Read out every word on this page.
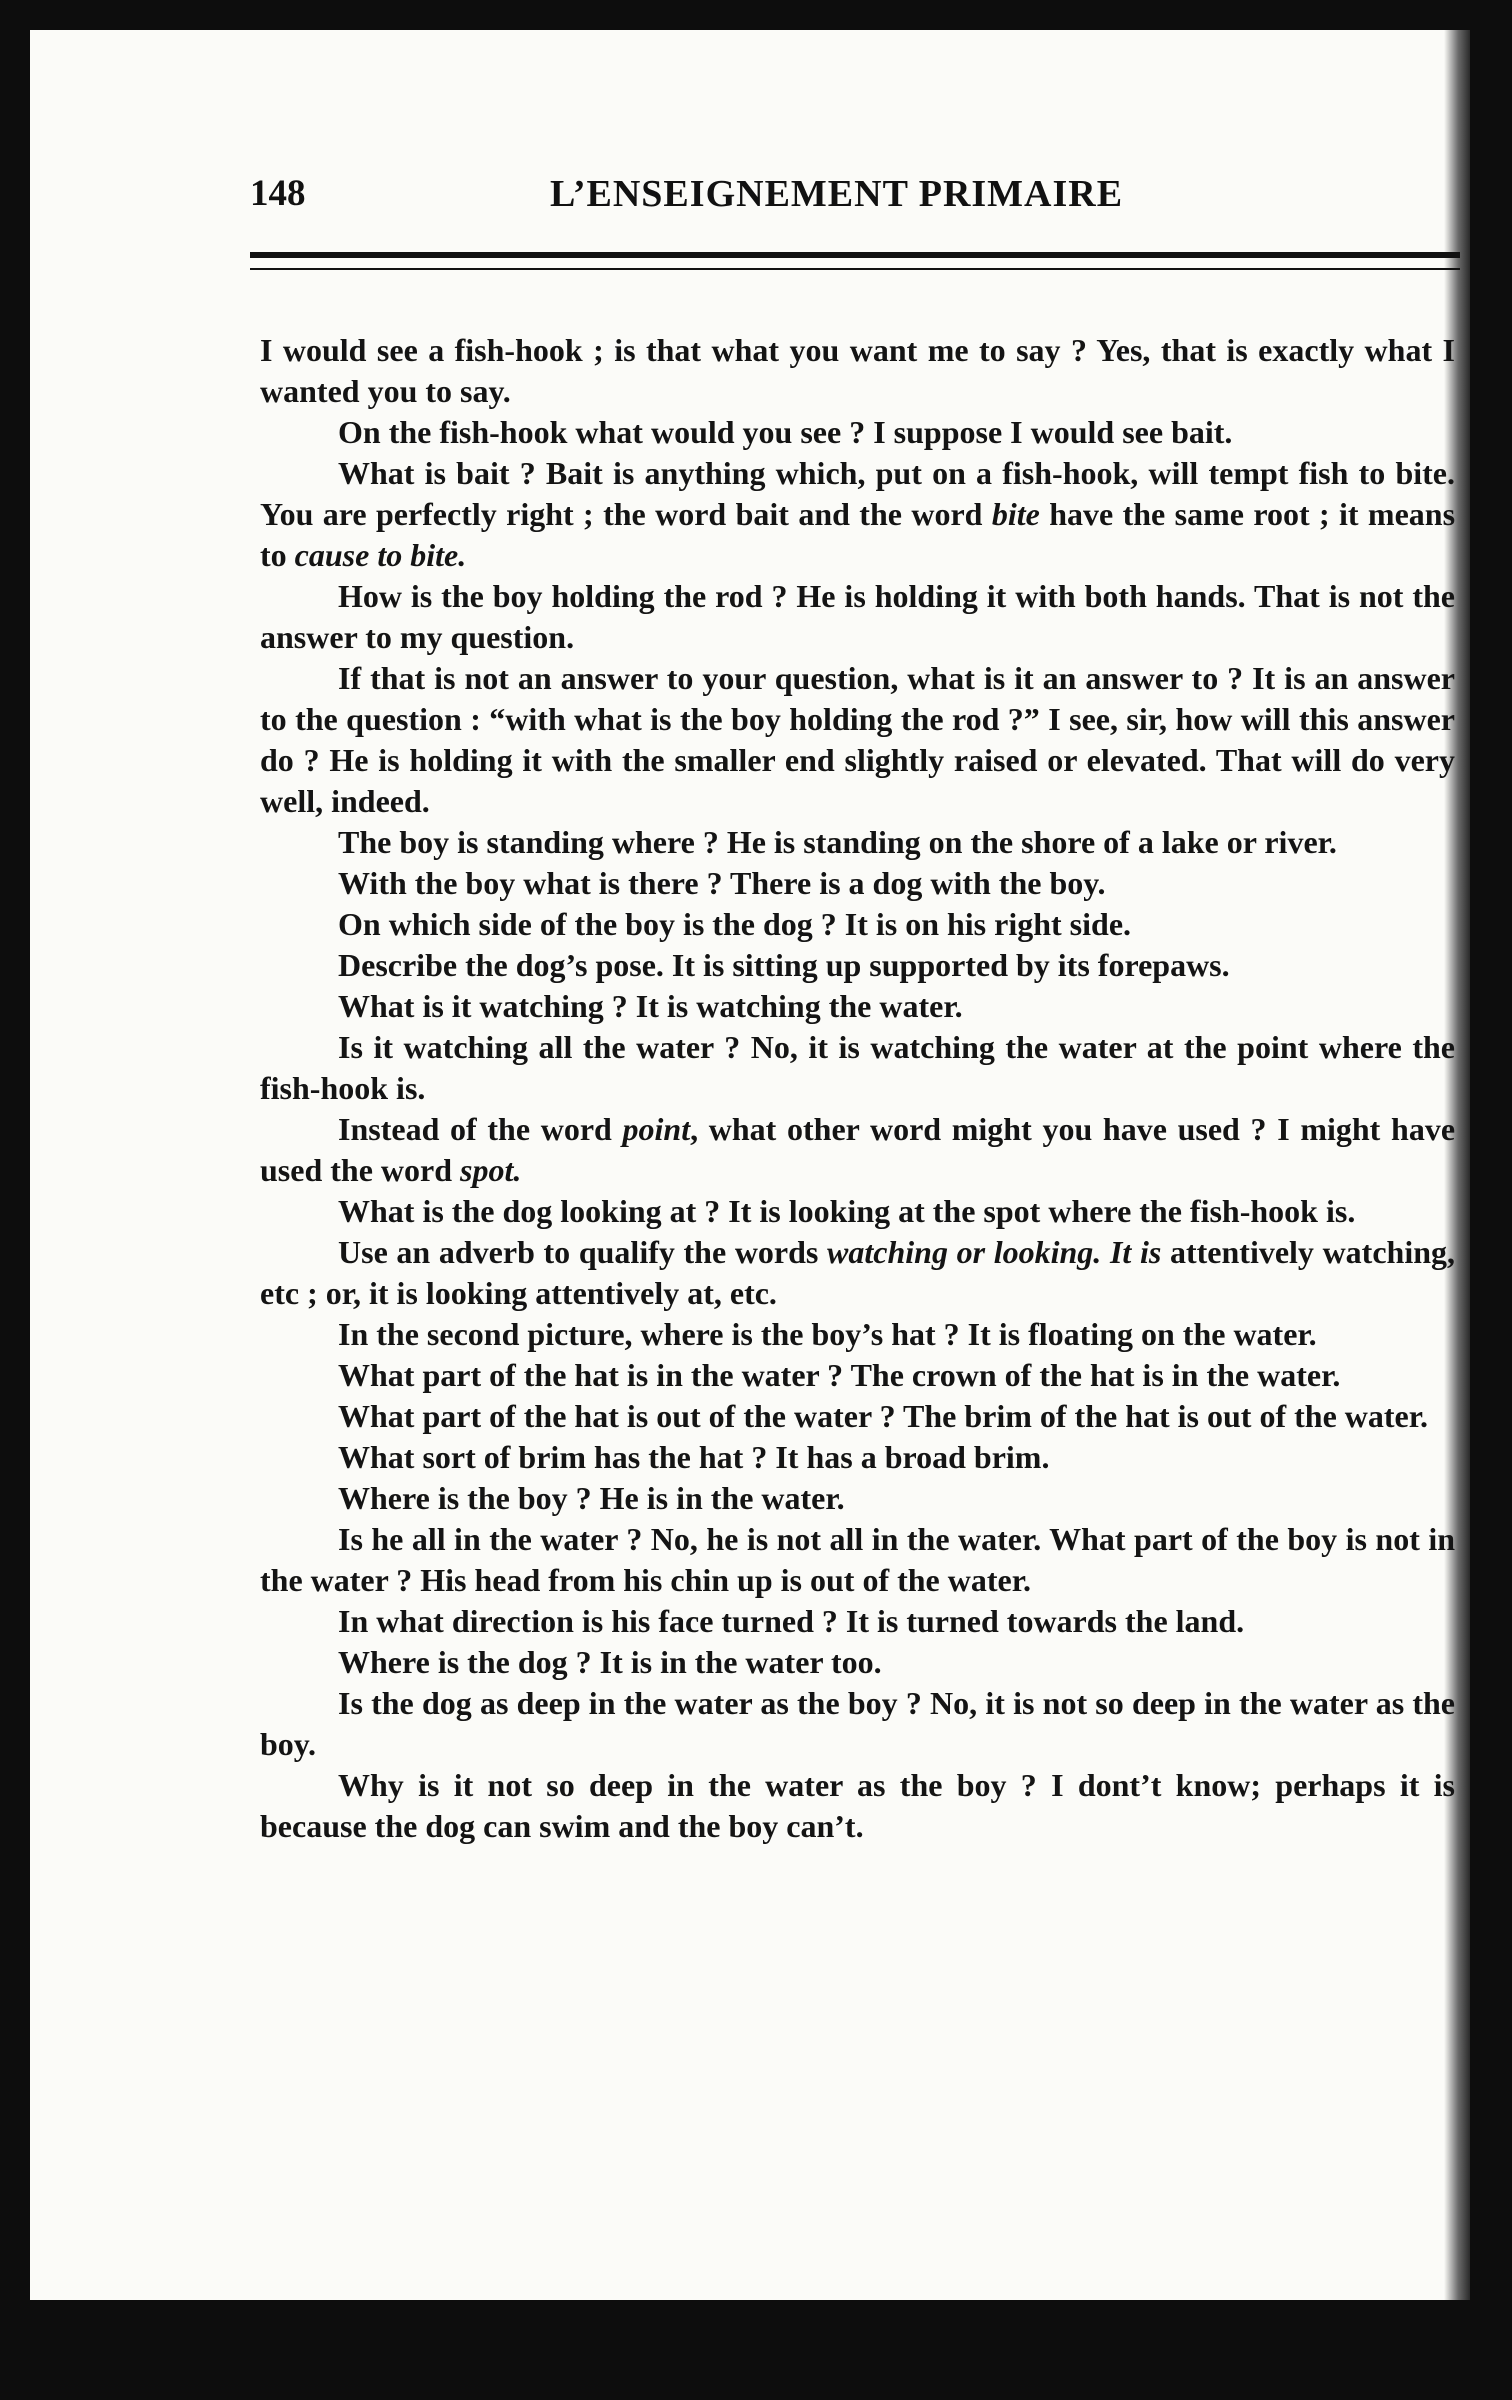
148	L’ENSEIGNEMENT PRIMAIRE

I would see a fish-hook ; is that what you want me to say ? Yes, that is exactly what I wanted you to say.

On the fish-hook what would you see ? I suppose I would see bait.

What is bait ? Bait is anything which, put on a fish-hook, will tempt fish to bite. You are perfectly right ; the word bait and the word bite have the same root ; it means to cause to bite.

How is the boy holding the rod ? He is holding it with both hands. That is not the answer to my question.

If that is not an answer to your question, what is it an answer to ? It is an answer to the question : “with what is the boy holding the rod ?” I see, sir, how will this answer do ? He is holding it with the smaller end slightly raised or elevated. That will do very well, indeed.

The boy is standing where ? He is standing on the shore of a lake or river.

With the boy what is there ? There is a dog with the boy.

On which side of the boy is the dog ? It is on his right side.

Describe the dog’s pose. It is sitting up supported by its forepaws.

What is it watching ? It is watching the water.

Is it watching all the water ? No, it is watching the water at the point where the fish-hook is.

Instead of the word point, what other word might you have used ? I might have used the word spot.

What is the dog looking at ? It is looking at the spot where the fish-hook is.

Use an adverb to qualify the words watching or looking. It is attentively watching, etc ; or, it is looking attentively at, etc.

In the second picture, where is the boy’s hat ? It is floating on the water.

What part of the hat is in the water ? The crown of the hat is in the water.

What part of the hat is out of the water ? The brim of the hat is out of the water.

What sort of brim has the hat ? It has a broad brim.

Where is the boy ? He is in the water.

Is he all in the water ? No, he is not all in the water. What part of the boy is not in the water ? His head from his chin up is out of the water.

In what direction is his face turned ? It is turned towards the land.

Where is the dog ? It is in the water too.

Is the dog as deep in the water as the boy ? No, it is not so deep in the water as the boy.

Why is it not so deep in the water as the boy ? I dont’t know; perhaps it is because the dog can swim and the boy can’t.
